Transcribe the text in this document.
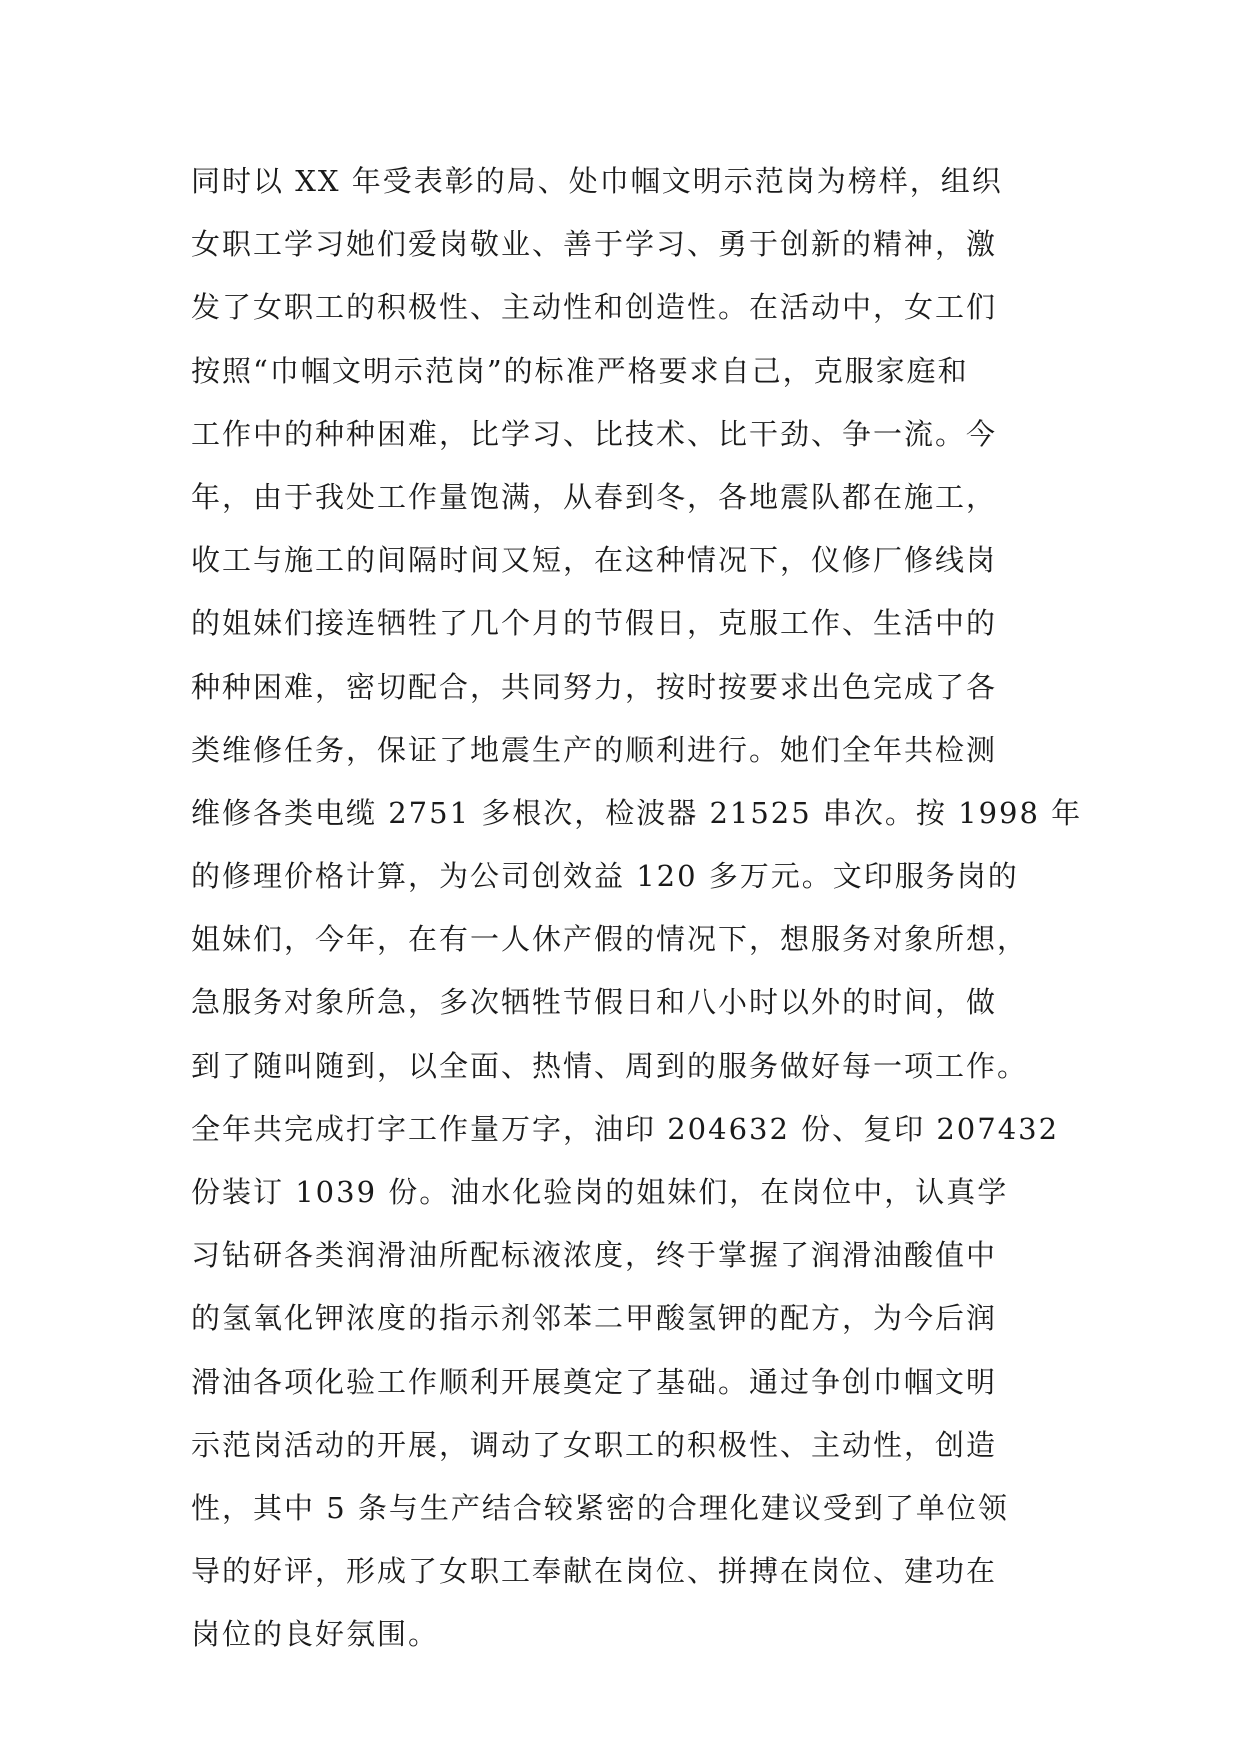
同时以 XX 年受表彰的局、处巾帼文明示范岗为榜样，组织
女职工学习她们爱岗敬业、善于学习、勇于创新的精神，激
发了女职工的积极性、主动性和创造性。在活动中，女工们
按照“巾帼文明示范岗”的标准严格要求自己，克服家庭和
工作中的种种困难，比学习、比技术、比干劲、争一流。今
年，由于我处工作量饱满，从春到冬，各地震队都在施工，
收工与施工的间隔时间又短，在这种情况下，仪修厂修线岗
的姐妹们接连牺牲了几个月的节假日，克服工作、生活中的
种种困难，密切配合，共同努力，按时按要求出色完成了各
类维修任务，保证了地震生产的顺利进行。她们全年共检测
维修各类电缆 2751 多根次，检波器 21525 串次。按 1998 年
的修理价格计算，为公司创效益 120 多万元。文印服务岗的
姐妹们，今年，在有一人休产假的情况下，想服务对象所想，
急服务对象所急，多次牺牲节假日和八小时以外的时间，做
到了随叫随到，以全面、热情、周到的服务做好每一项工作。
全年共完成打字工作量万字，油印 204632 份、复印 207432
份装订 1039 份。油水化验岗的姐妹们，在岗位中，认真学
习钻研各类润滑油所配标液浓度，终于掌握了润滑油酸值中
的氢氧化钾浓度的指示剂邻苯二甲酸氢钾的配方，为今后润
滑油各项化验工作顺利开展奠定了基础。通过争创巾帼文明
示范岗活动的开展，调动了女职工的积极性、主动性，创造
性，其中 5 条与生产结合较紧密的合理化建议受到了单位领
导的好评，形成了女职工奉献在岗位、拼搏在岗位、建功在
岗位的良好氛围。
